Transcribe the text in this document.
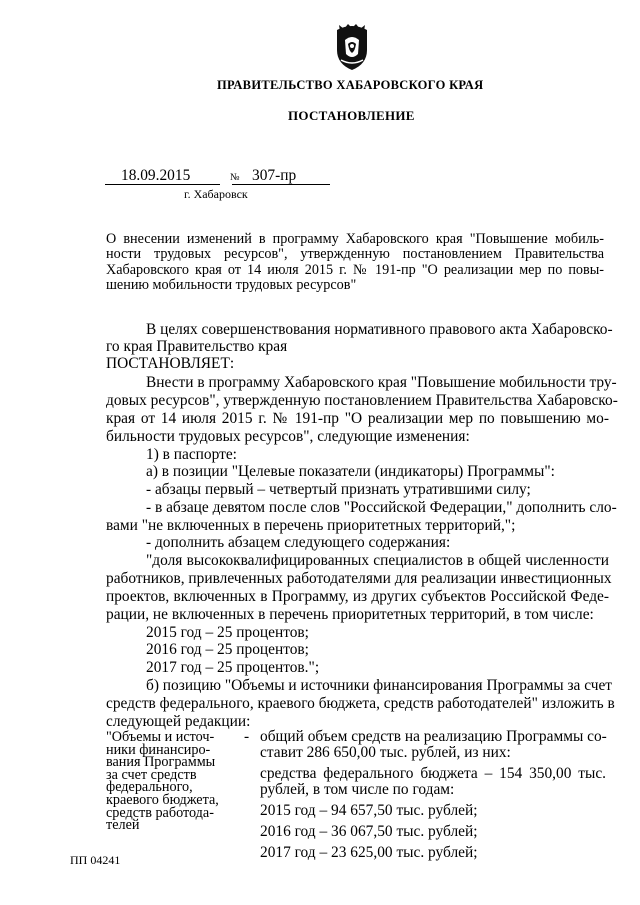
ПРАВИТЕЛЬСТВО ХАБАРОВСКОГО КРАЯ
ПОСТАНОВЛЕНИЕ
18.09.2015	№ 307-пр
г. Хабаровск
О внесении изменений в программу Хабаровского края "Повышение мобиль-
ности трудовых ресурсов", утвержденную постановлением Правительства
Хабаровского края от 14 июля 2015 г. № 191-пр "О реализации мер по повы-
шению мобильности трудовых ресурсов"
В целях совершенствования нормативного правового акта Хабаровско-
го края Правительство края
ПОСТАНОВЛЯЕТ:
Внести в программу Хабаровского края "Повышение мобильности тру-
довых ресурсов", утвержденную постановлением Правительства Хабаровско-
края от 14 июля 2015 г. № 191-пр "О реализации мер по повышению мо-
бильности трудовых ресурсов", следующие изменения:
1) в паспорте:
а) в позиции "Целевые показатели (индикаторы) Программы":
- абзацы первый – четвертый признать утратившими силу;
- в абзаце девятом после слов "Российской Федерации," дополнить сло-
вами "не включенных в перечень приоритетных территорий,";
- дополнить абзацем следующего содержания:
"доля высококвалифицированных специалистов в общей численности
работников, привлеченных работодателями для реализации инвестиционных
проектов, включенных в Программу, из других субъектов Российской Феде-
рации, не включенных в перечень приоритетных территорий, в том числе:
2015 год – 25 процентов;
2016 год – 25 процентов;
2017 год – 25 процентов.";
б) позицию "Объемы и источники финансирования Программы за счет
средств федерального, краевого бюджета, средств работодателей" изложить в
следующей редакции:
"Объемы и источ-
ники финансиро-
вания Программы
за счет средств
федерального,
краевого бюджета,
средств работода-
телей
- общий объем средств на реализацию Программы со-
ставит 286 650,00 тыс. рублей, из них:
средства федерального бюджета – 154 350,00 тыс.
рублей, в том числе по годам:
2015 год – 94 657,50 тыс. рублей;
2016 год – 36 067,50 тыс. рублей;
2017 год – 23 625,00 тыс. рублей;
ПП 04241
